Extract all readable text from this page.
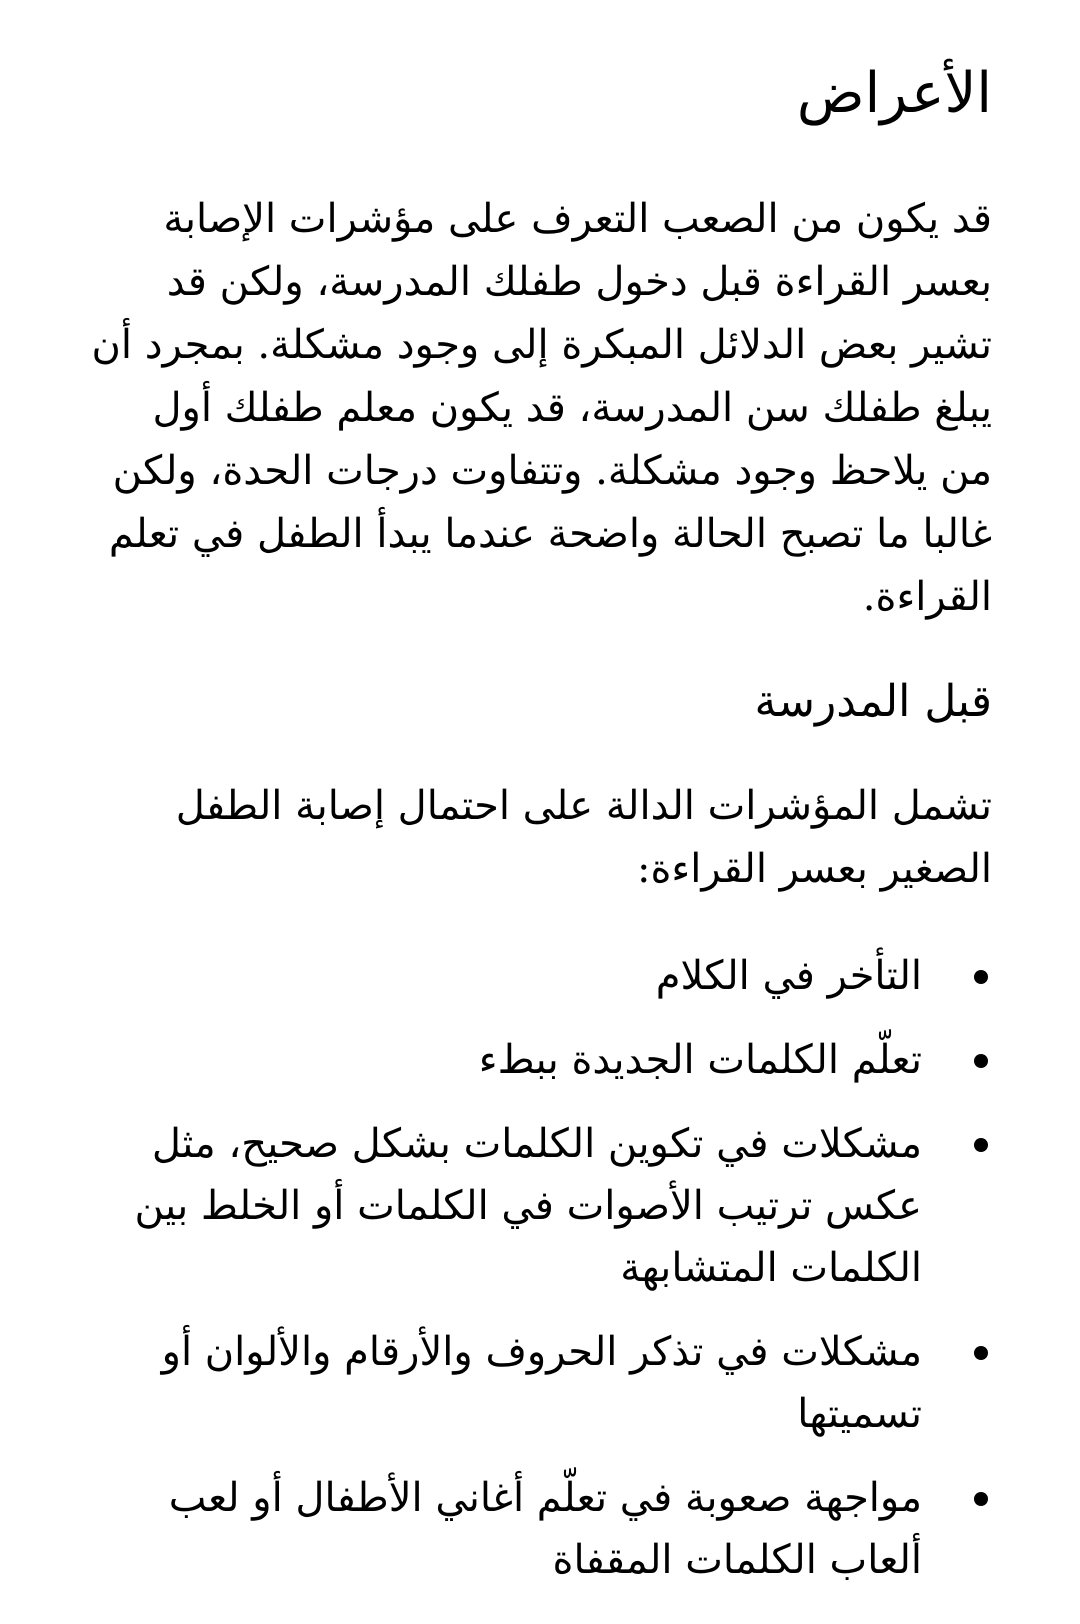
الأعراض

قد يكون من الصعب التعرف على مؤشرات الإصابة بعسر القراءة قبل دخول طفلك المدرسة، ولكن قد تشير بعض الدلائل المبكرة إلى وجود مشكلة. بمجرد أن يبلغ طفلك سن المدرسة، قد يكون معلم طفلك أول من يلاحظ وجود مشكلة. وتتفاوت درجات الحدة، ولكن غالبا ما تصبح الحالة واضحة عندما يبدأ الطفل في تعلم القراءة.

قبل المدرسة

تشمل المؤشرات الدالة على احتمال إصابة الطفل الصغير بعسر القراءة:

التأخر في الكلام
تعلّم الكلمات الجديدة ببطء
مشكلات في تكوين الكلمات بشكل صحيح، مثل عكس ترتيب الأصوات في الكلمات أو الخلط بين الكلمات المتشابهة
مشكلات في تذكر الحروف والأرقام والألوان أو تسميتها
مواجهة صعوبة في تعلّم أغاني الأطفال أو لعب ألعاب الكلمات المقفاة
